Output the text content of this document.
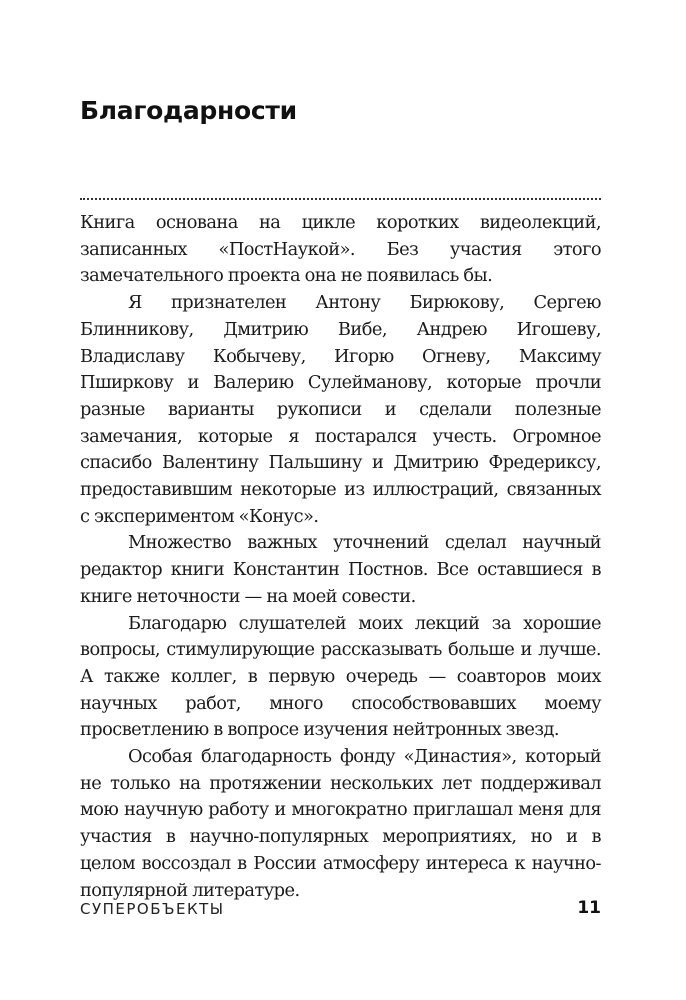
Благодарности

Книга основана на цикле коротких видеолекций, записанных «ПостНаукой». Без участия этого замечательного проекта она не появилась бы.

Я признателен Антону Бирюкову, Сергею Блинникову, Дмитрию Вибе, Андрею Игошеву, Владиславу Кобычеву, Игорю Огневу, Максиму Пширкову и Валерию Сулейманову, которые прочли разные варианты рукописи и сделали полезные замечания, которые я постарался учесть. Огромное спасибо Валентину Пальшину и Дмитрию Фредериксу, предоставившим некоторые из иллюстраций, связанных с экспериментом «Конус».

Множество важных уточнений сделал научный редактор книги Константин Постнов. Все оставшиеся в книге неточности — на моей совести.

Благодарю слушателей моих лекций за хорошие вопросы, стимулирующие рассказывать больше и лучше. А также коллег, в первую очередь — соавторов моих научных работ, много способствовавших моему просветлению в вопросе изучения нейтронных звезд.

Особая благодарность фонду «Династия», который не только на протяжении нескольких лет поддерживал мою научную работу и многократно приглашал меня для участия в научно-популярных мероприятиях, но и в целом воссоздал в России атмосферу интереса к научно-популярной литературе.

СУПЕРОБЪЕКТЫ	11
